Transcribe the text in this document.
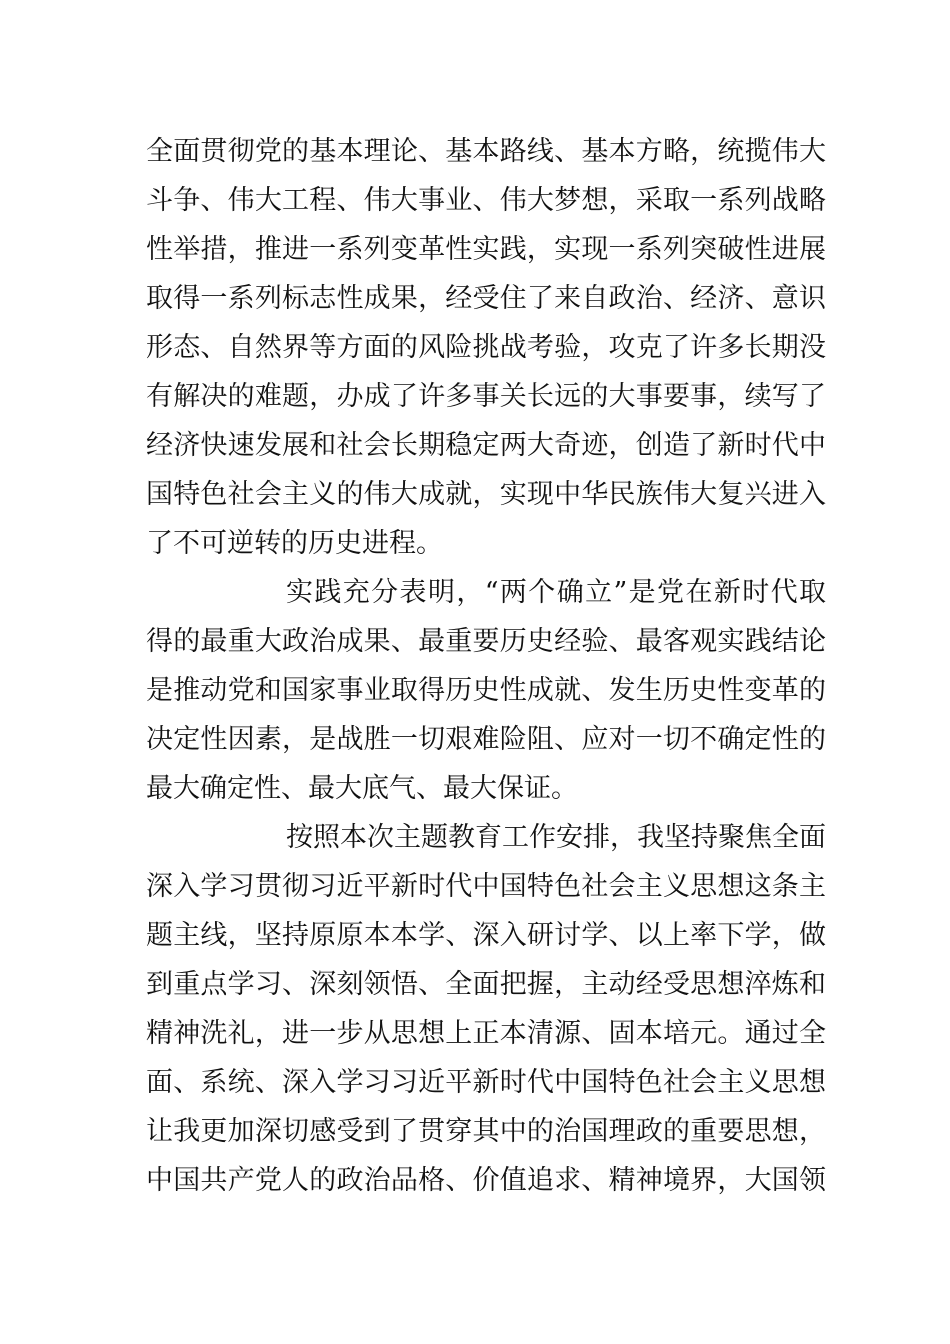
全面贯彻党的基本理论、基本路线、基本方略，统揽伟大
斗争、伟大工程、伟大事业、伟大梦想，采取一系列战略
性举措，推进一系列变革性实践，实现一系列突破性进展
取得一系列标志性成果，经受住了来自政治、经济、意识
形态、自然界等方面的风险挑战考验，攻克了许多长期没
有解决的难题，办成了许多事关长远的大事要事，续写了
经济快速发展和社会长期稳定两大奇迹，创造了新时代中
国特色社会主义的伟大成就，实现中华民族伟大复兴进入
了不可逆转的历史进程。
实践充分表明，“两个确立”是党在新时代取
得的最重大政治成果、最重要历史经验、最客观实践结论
是推动党和国家事业取得历史性成就、发生历史性变革的
决定性因素，是战胜一切艰难险阻、应对一切不确定性的
最大确定性、最大底气、最大保证。
按照本次主题教育工作安排，我坚持聚焦全面
深入学习贯彻习近平新时代中国特色社会主义思想这条主
题主线，坚持原原本本学、深入研讨学、以上率下学，做
到重点学习、深刻领悟、全面把握，主动经受思想淬炼和
精神洗礼，进一步从思想上正本清源、固本培元。通过全
面、系统、深入学习习近平新时代中国特色社会主义思想
让我更加深切感受到了贯穿其中的治国理政的重要思想，
中国共产党人的政治品格、价值追求、精神境界，大国领
